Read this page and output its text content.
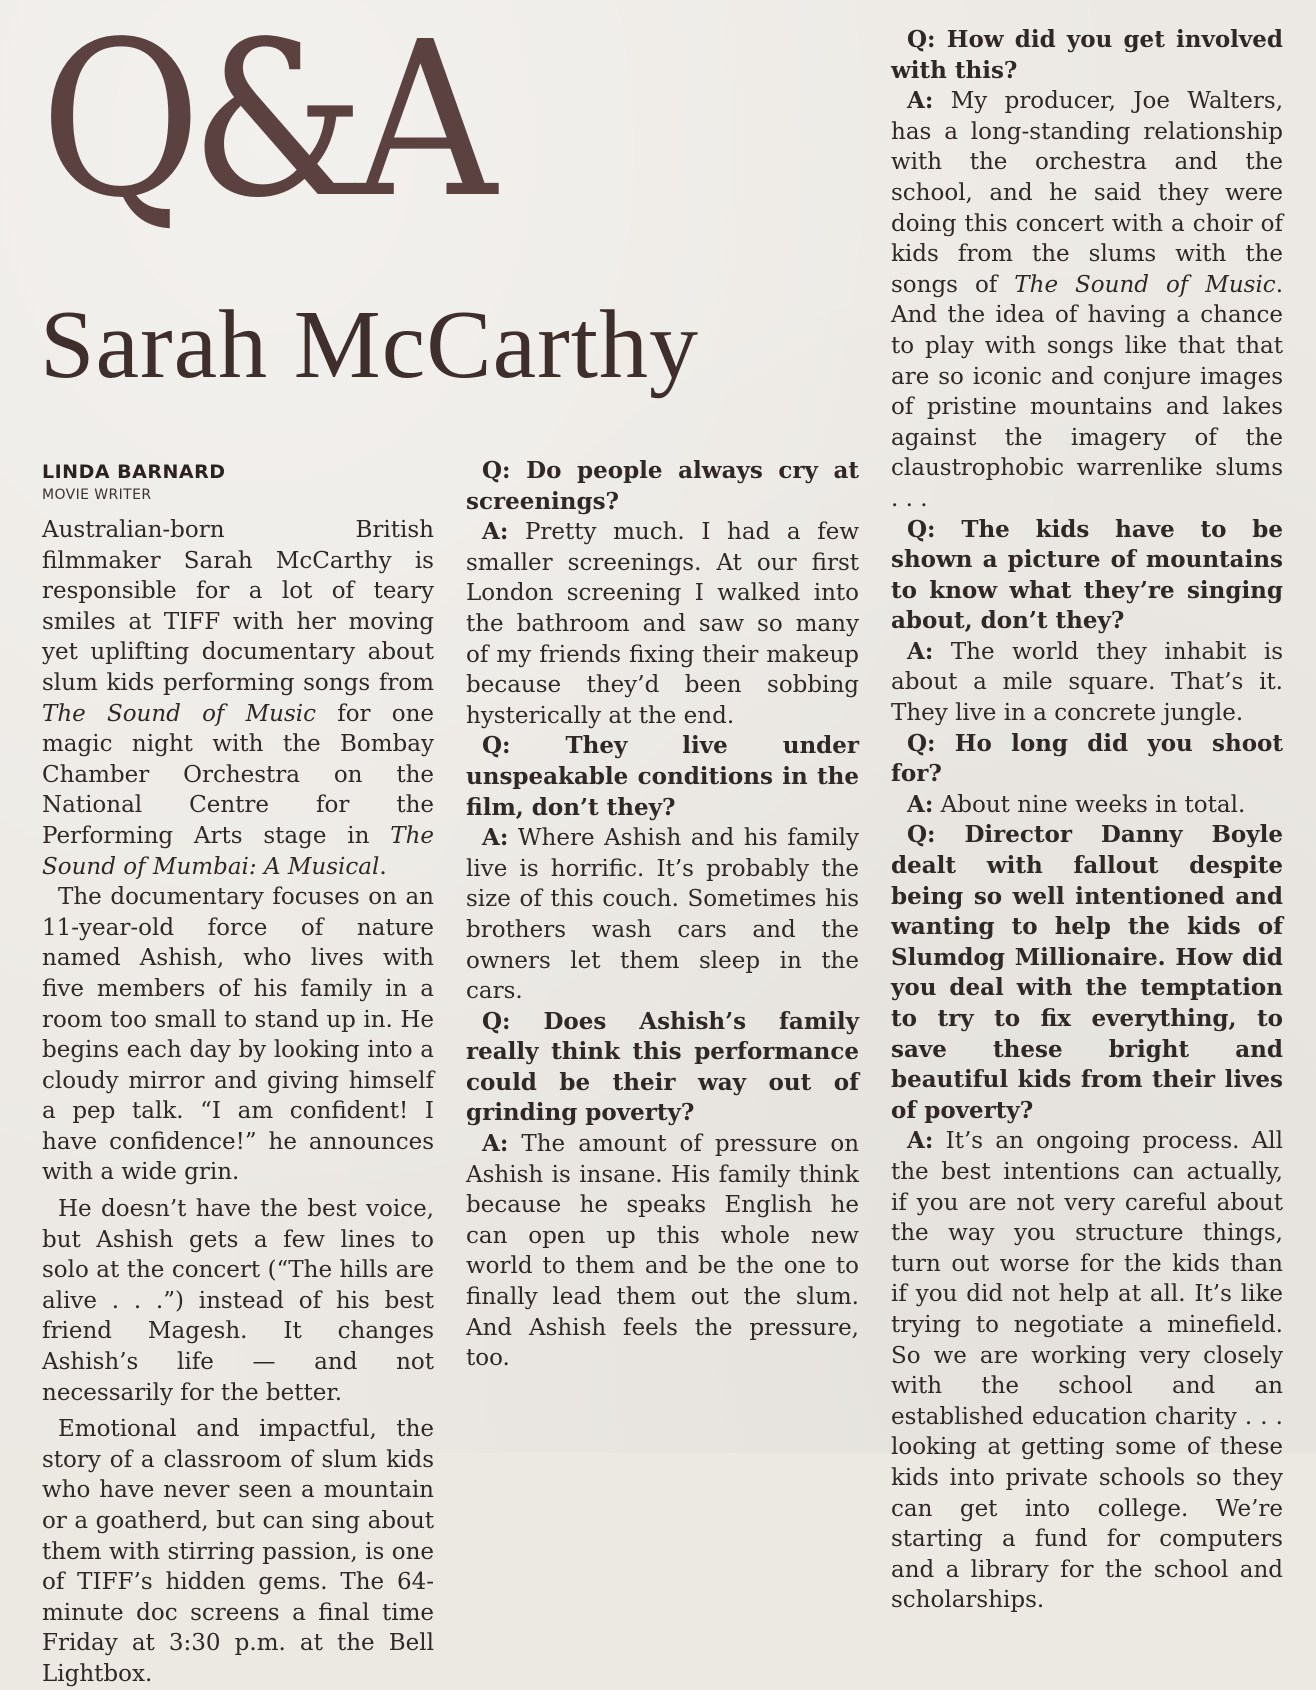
Q&A
Sarah McCarthy
LINDA BARNARD
MOVIE WRITER

Australian-born British filmmaker Sarah McCarthy is responsible for a lot of teary smiles at TIFF with her moving yet uplifting documentary about slum kids performing songs from The Sound of Music for one magic night with the Bombay Chamber Orchestra on the National Centre for the Performing Arts stage in The Sound of Mumbai: A Musical.

The documentary focuses on an 11-year-old force of nature named Ashish, who lives with five members of his family in a room too small to stand up in. He begins each day by looking into a cloudy mirror and giving himself a pep talk. “I am confident! I have confidence!” he announces with a wide grin.

He doesn’t have the best voice, but Ashish gets a few lines to solo at the concert (“The hills are alive . . .”) instead of his best friend Magesh. It changes Ashish’s life — and not necessarily for the better.

Emotional and impactful, the story of a classroom of slum kids who have never seen a mountain or a goatherd, but can sing about them with stirring passion, is one of TIFF’s hidden gems. The 64-minute doc screens a final time Friday at 3:30 p.m. at the Bell Lightbox.

Q: Do people always cry at screenings?

A: Pretty much. I had a few smaller screenings. At our first London screening I walked into the bathroom and saw so many of my friends fixing their makeup because they’d been sobbing hysterically at the end.

Q: They live under unspeakable conditions in the film, don’t they?

A: Where Ashish and his family live is horrific. It’s probably the size of this couch. Sometimes his brothers wash cars and the owners let them sleep in the cars.

Q: Does Ashish’s family really think this performance could be their way out of grinding poverty?

A: The amount of pressure on Ashish is insane. His family think because he speaks English he can open up this whole new world to them and be the one to finally lead them out the slum. And Ashish feels the pressure, too.

Q: How did you get involved with this?

A: My producer, Joe Walters, has a long-standing relationship with the orchestra and the school, and he said they were doing this concert with a choir of kids from the slums with the songs of The Sound of Music. And the idea of having a chance to play with songs like that that are so iconic and conjure images of pristine mountains and lakes against the imagery of the claustrophobic warrenlike slums . . .

Q: The kids have to be shown a picture of mountains to know what they’re singing about, don’t they?

A: The world they inhabit is about a mile square. That’s it. They live in a concrete jungle.

Q: Ho long did you shoot for?

A: About nine weeks in total.

Q: Director Danny Boyle dealt with fallout despite being so well intentioned and wanting to help the kids of Slumdog Millionaire. How did you deal with the temptation to try to fix everything, to save these bright and beautiful kids from their lives of poverty?

A: It’s an ongoing process. All the best intentions can actually, if you are not very careful about the way you structure things, turn out worse for the kids than if you did not help at all. It’s like trying to negotiate a minefield. So we are working very closely with the school and an established education charity . . . looking at getting some of these kids into private schools so they can get into college. We’re starting a fund for computers and a library for the school and scholarships.
